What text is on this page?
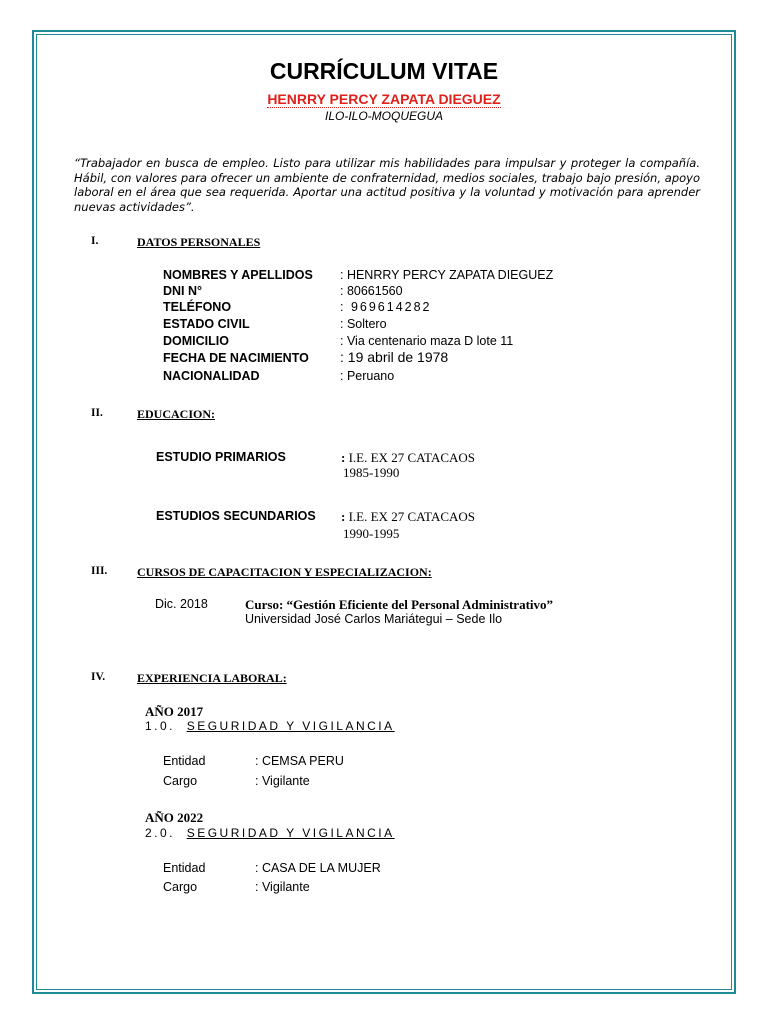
CURRÍCULUM VITAE
HENRRY PERCY ZAPATA DIEGUEZ
ILO-ILO-MOQUEGUA
“Trabajador en busca de empleo. Listo para utilizar mis habilidades para impulsar y proteger la compañía. Hábil, con valores para ofrecer un ambiente de confraternidad, medios sociales, trabajo bajo presión, apoyo laboral en el área que sea requerida. Aportar una actitud positiva y la voluntad y motivación para aprender nuevas actividades”.
I.	DATOS PERSONALES
NOMBRES Y APELLIDOS : HENRRY PERCY ZAPATA DIEGUEZ
DNI N°	: 80661560
TELÉFONO	: 969614282
ESTADO CIVIL	: Soltero
DOMICILIO	: Via centenario maza D lote 11
FECHA DE NACIMIENTO : 19 abril de 1978
NACIONALIDAD	: Peruano
II.	EDUCACION:
ESTUDIO PRIMARIOS	: I.E. EX 27 CATACAOS
1985-1990
ESTUDIOS SECUNDARIOS : I.E. EX 27 CATACAOS
1990-1995
III. CURSOS DE CAPACITACION Y ESPECIALIZACION:
Dic. 2018	Curso: “Gestión Eficiente del Personal Administrativo”
Universidad José Carlos Mariátegui – Sede Ilo
IV.	EXPERIENCIA LABORAL:
AÑO 2017
1.0. SEGURIDAD Y VIGILANCIA
Entidad	: CEMSA PERU
Cargo	: Vigilante
AÑO 2022
2.0. SEGURIDAD Y VIGILANCIA
Entidad	: CASA DE LA MUJER
Cargo	: Vigilante
